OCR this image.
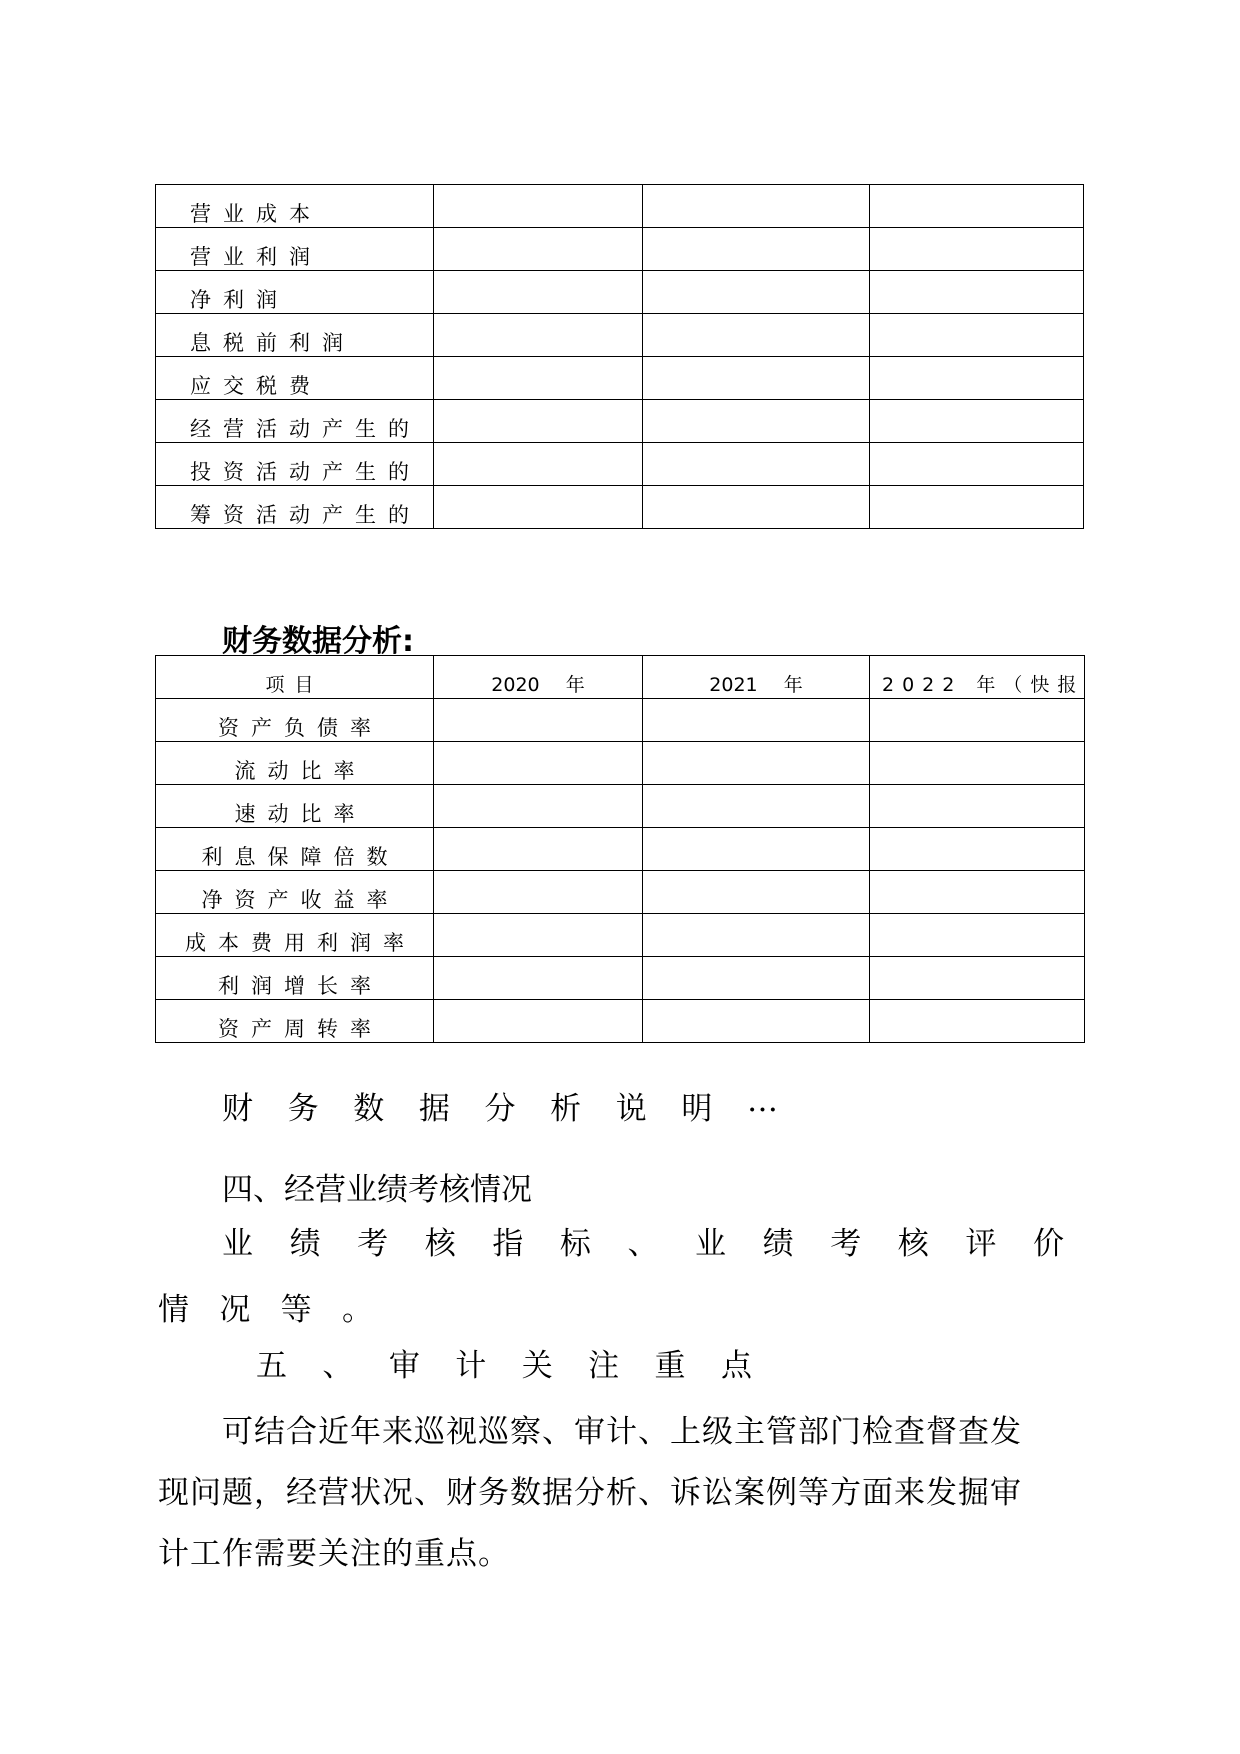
营业成本			

营业利润			

净利润			

息税前利润			

应交税费			

经营活动产生的			

投资活动产生的			

筹资活动产生的			

财务数据分析:
项目	2020 年	2021 年	2022 年（快报

资产负债率			

流动比率			

速动比率			

利息保障倍数			

净资产收益率			

成本费用利润率			

利润增长率			

资产周转率			

财 务 数 据 分 析 说 明 …
四、经营业绩考核情况
业 绩 考 核 指 标 、 业 绩 考 核 评 价
情 况 等 。
五 、 审 计 关 注 重 点
可结合近年来巡视巡察、审计、上级主管部门检查督查发
现问题，经营状况、财务数据分析、诉讼案例等方面来发掘审
计工作需要关注的重点。
